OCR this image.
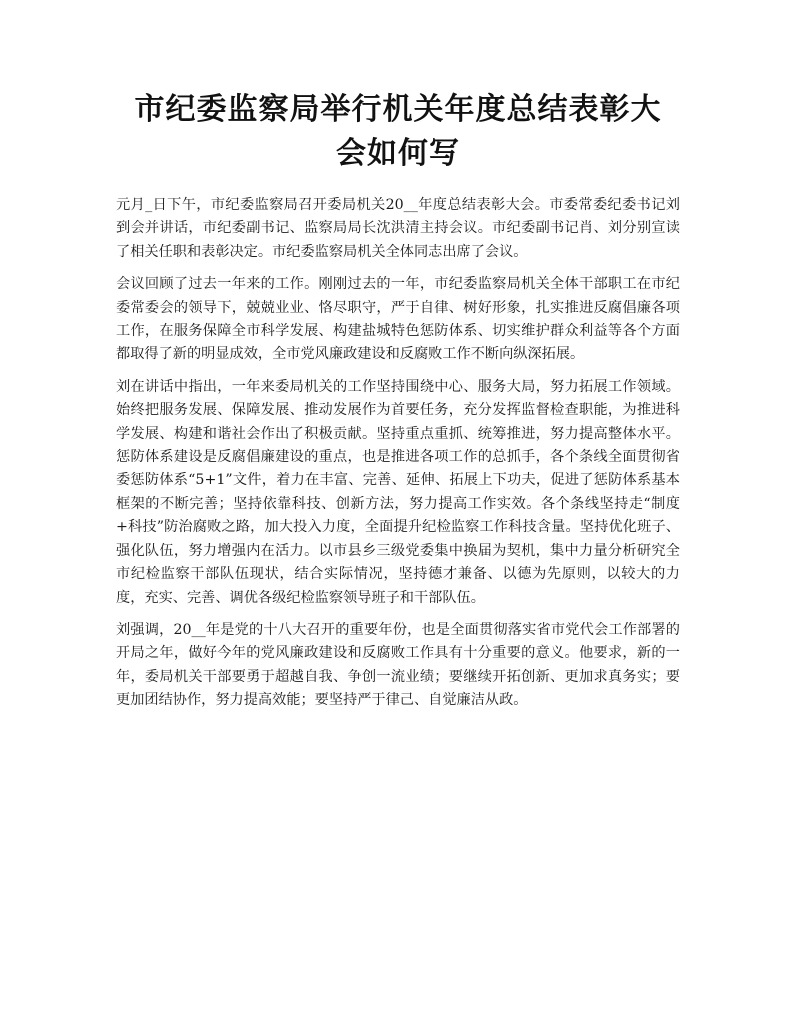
市纪委监察局举行机关年度总结表彰大会如何写

元月_日下午，市纪委监察局召开委局机关20__年度总结表彰大会。市委常委纪委书记刘到会并讲话，市纪委副书记、监察局局长沈洪清主持会议。市纪委副书记肖、刘分别宣读了相关任职和表彰决定。市纪委监察局机关全体同志出席了会议。

会议回顾了过去一年来的工作。刚刚过去的一年，市纪委监察局机关全体干部职工在市纪委常委会的领导下，兢兢业业、恪尽职守，严于自律、树好形象，扎实推进反腐倡廉各项工作，在服务保障全市科学发展、构建盐城特色惩防体系、切实维护群众利益等各个方面都取得了新的明显成效，全市党风廉政建设和反腐败工作不断向纵深拓展。

刘在讲话中指出，一年来委局机关的工作坚持围绕中心、服务大局，努力拓展工作领域。始终把服务发展、保障发展、推动发展作为首要任务，充分发挥监督检查职能，为推进科学发展、构建和谐社会作出了积极贡献。坚持重点重抓、统筹推进，努力提高整体水平。惩防体系建设是反腐倡廉建设的重点，也是推进各项工作的总抓手，各个条线全面贯彻省委惩防体系“5+1”文件，着力在丰富、完善、延伸、拓展上下功夫，促进了惩防体系基本框架的不断完善；坚持依靠科技、创新方法，努力提高工作实效。各个条线坚持走“制度+科技”防治腐败之路，加大投入力度，全面提升纪检监察工作科技含量。坚持优化班子、强化队伍，努力增强内在活力。以市县乡三级党委集中换届为契机，集中力量分析研究全市纪检监察干部队伍现状，结合实际情况，坚持德才兼备、以德为先原则，以较大的力度，充实、完善、调优各级纪检监察领导班子和干部队伍。

刘强调，20__年是党的十八大召开的重要年份，也是全面贯彻落实省市党代会工作部署的开局之年，做好今年的党风廉政建设和反腐败工作具有十分重要的意义。他要求，新的一年，委局机关干部要勇于超越自我、争创一流业绩；要继续开拓创新、更加求真务实；要更加团结协作，努力提高效能；要坚持严于律己、自觉廉洁从政。
